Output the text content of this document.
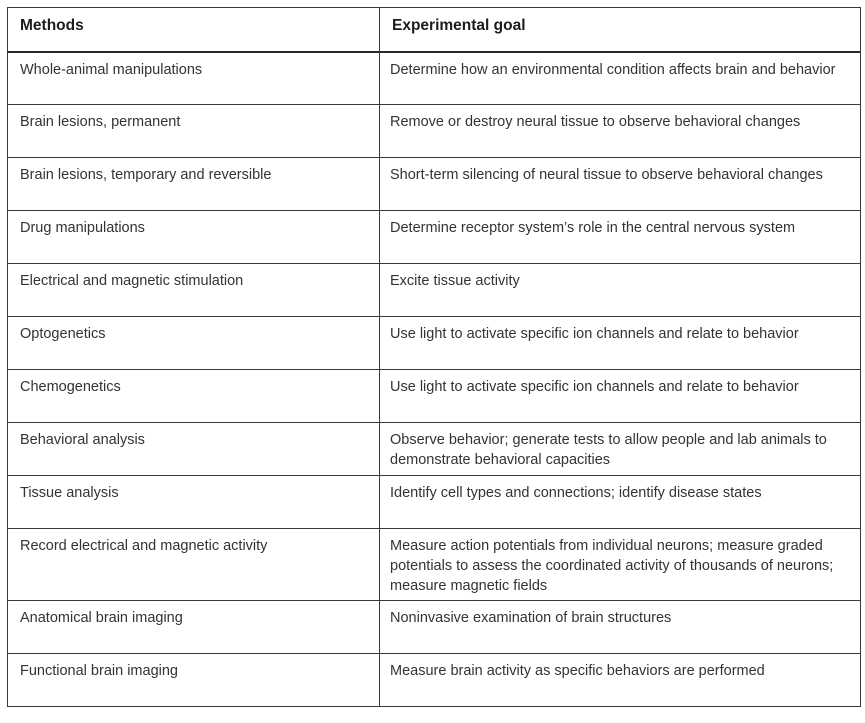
Methods	Experimental goal
Whole-animal manipulations	Determine how an environmental condition affects brain and behavior
Brain lesions, permanent	Remove or destroy neural tissue to observe behavioral changes
Brain lesions, temporary and reversible	Short-term silencing of neural tissue to observe behavioral changes
Drug manipulations	Determine receptor system’s role in the central nervous system
Electrical and magnetic stimulation	Excite tissue activity
Optogenetics	Use light to activate specific ion channels and relate to behavior
Chemogenetics	Use light to activate specific ion channels and relate to behavior
Behavioral analysis	Observe behavior; generate tests to allow people and lab animals to demonstrate behavioral capacities
Tissue analysis	Identify cell types and connections; identify disease states
Record electrical and magnetic activity	Measure action potentials from individual neurons; measure graded potentials to assess the coordinated activity of thousands of neurons; measure magnetic fields
Anatomical brain imaging	Noninvasive examination of brain structures
Functional brain imaging	Measure brain activity as specific behaviors are performed
